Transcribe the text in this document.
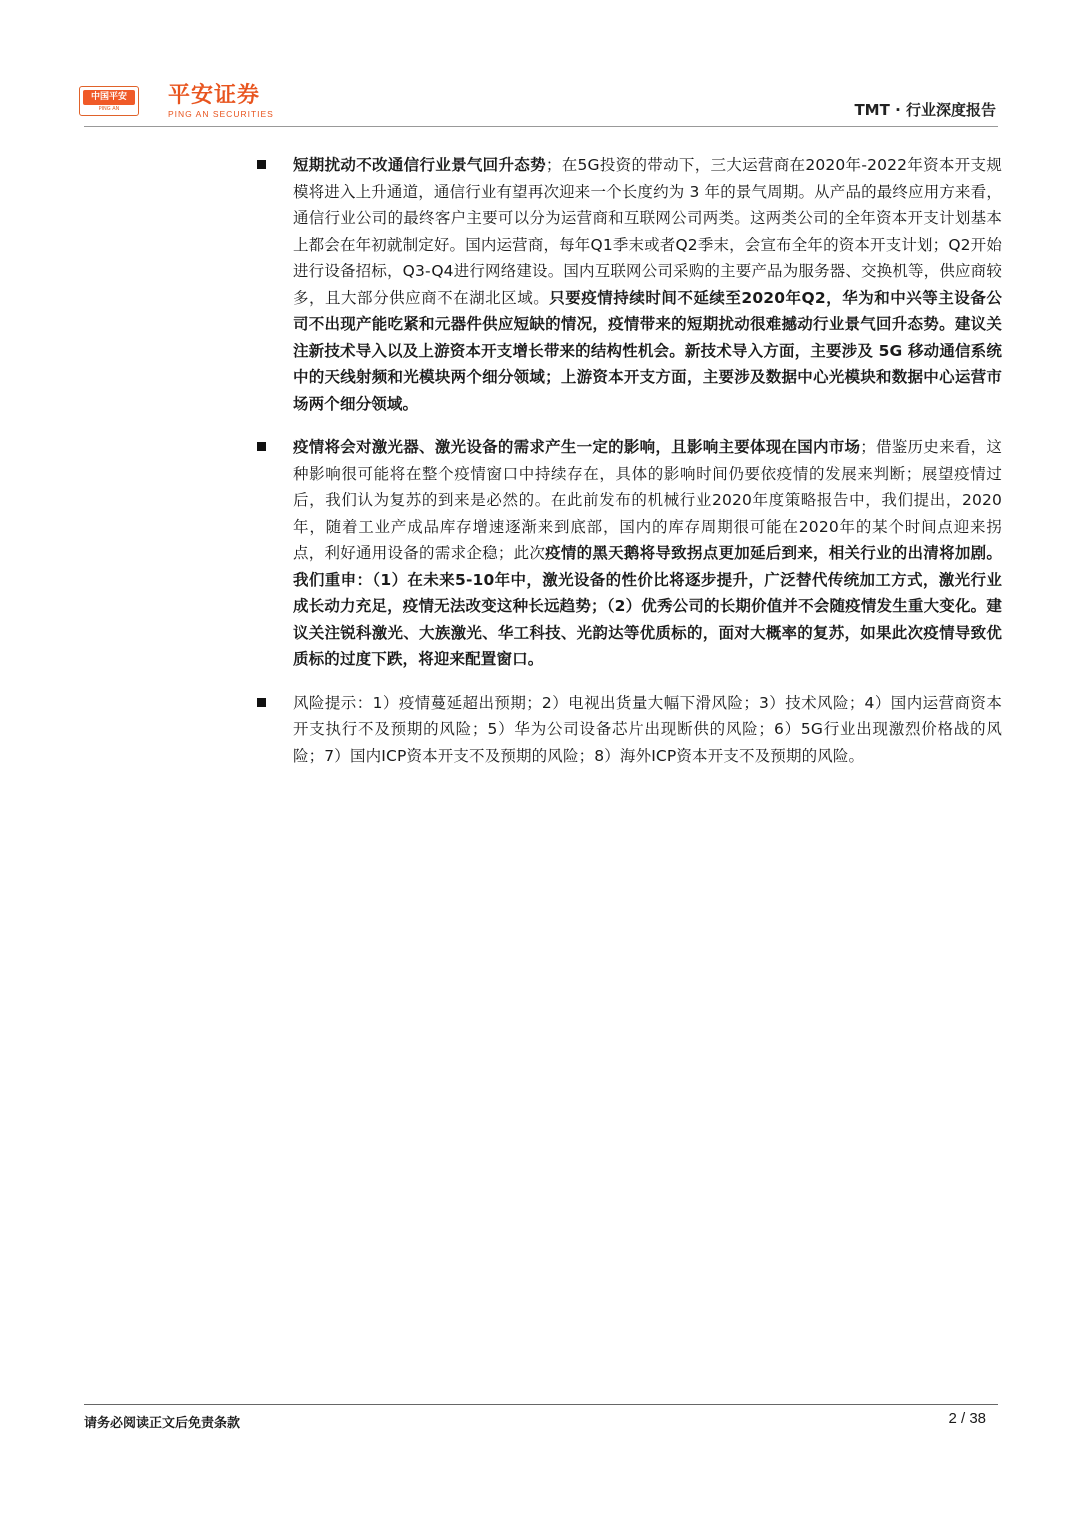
中国平安
PING AN
平安证券
PING AN SECURITIES	TMT · 行业深度报告

短期扰动不改通信行业景气回升态势；在5G投资的带动下，三大运营商在2020年-2022年资本开支规模将进入上升通道，通信行业有望再次迎来一个长度约为 3 年的景气周期。从产品的最终应用方来看，通信行业公司的最终客户主要可以分为运营商和互联网公司两类。这两类公司的全年资本开支计划基本上都会在年初就制定好。国内运营商，每年Q1季末或者Q2季末，会宣布全年的资本开支计划；Q2开始进行设备招标，Q3-Q4进行网络建设。国内互联网公司采购的主要产品为服务器、交换机等，供应商较多，且大部分供应商不在湖北区域。只要疫情持续时间不延续至2020年Q2，华为和中兴等主设备公司不出现产能吃紧和元器件供应短缺的情况，疫情带来的短期扰动很难撼动行业景气回升态势。建议关注新技术导入以及上游资本开支增长带来的结构性机会。新技术导入方面，主要涉及 5G 移动通信系统中的天线射频和光模块两个细分领域；上游资本开支方面，主要涉及数据中心光模块和数据中心运营市场两个细分领域。

疫情将会对激光器、激光设备的需求产生一定的影响，且影响主要体现在国内市场；借鉴历史来看，这种影响很可能将在整个疫情窗口中持续存在，具体的影响时间仍要依疫情的发展来判断；展望疫情过后，我们认为复苏的到来是必然的。在此前发布的机械行业2020年度策略报告中，我们提出，2020年，随着工业产成品库存增速逐渐来到底部，国内的库存周期很可能在2020年的某个时间点迎来拐点，利好通用设备的需求企稳；此次疫情的黑天鹅将导致拐点更加延后到来，相关行业的出清将加剧。我们重申：（1）在未来5-10年中，激光设备的性价比将逐步提升，广泛替代传统加工方式，激光行业成长动力充足，疫情无法改变这种长远趋势；（2）优秀公司的长期价值并不会随疫情发生重大变化。建议关注锐科激光、大族激光、华工科技、光韵达等优质标的，面对大概率的复苏，如果此次疫情导致优质标的过度下跌，将迎来配置窗口。

风险提示：1）疫情蔓延超出预期；2）电视出货量大幅下滑风险；3）技术风险；4）国内运营商资本开支执行不及预期的风险；5）华为公司设备芯片出现断供的风险；6）5G行业出现激烈价格战的风险；7）国内ICP资本开支不及预期的风险；8）海外ICP资本开支不及预期的风险。

请务必阅读正文后免责条款	2 / 38
